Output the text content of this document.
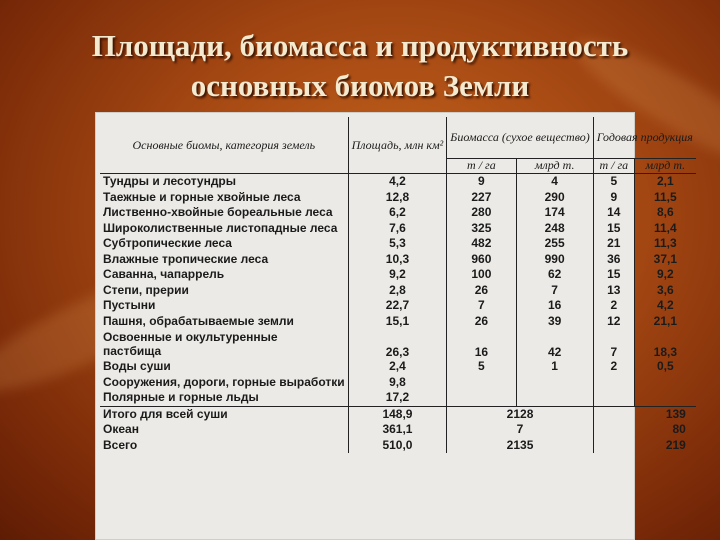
Площади, биомасса и продуктивность
основных биомов Земли
Основные биомы, категория земель	Площадь, млн км²	Биомасса (сухое вещество)		Годовая продукция	
		т / га	млрд т.	т / га	млрд т.
Тундры и лесотундры	4,2	9	4	5	2,1
Таежные и горные хвойные леса	12,8	227	290	9	11,5
Лиственно-хвойные бореальные леса	6,2	280	174	14	8,6
Широколиственные листопадные леса	7,6	325	248	15	11,4
Субтропические леса	5,3	482	255	21	11,3
Влажные тропические леса	10,3	960	990	36	37,1
Саванна, чапаррель	9,2	100	62	15	9,2
Степи, прерии	2,8	26	7	13	3,6
Пустыни	22,7	7	16	2	4,2
Пашня, обрабатываемые земли	15,1	26	39	12	21,1

Освоенные и окультуренные
пастбища	26,3	16	42	7	18,3
Воды суши	2,4	5	1	2	0,5
Сооружения, дороги, горные выработки	9,8				
Полярные и горные льды	17,2				
Итого для всей суши	148,9	2128		139	
Океан	361,1	7		80	
Всего	510,0	2135		219	
